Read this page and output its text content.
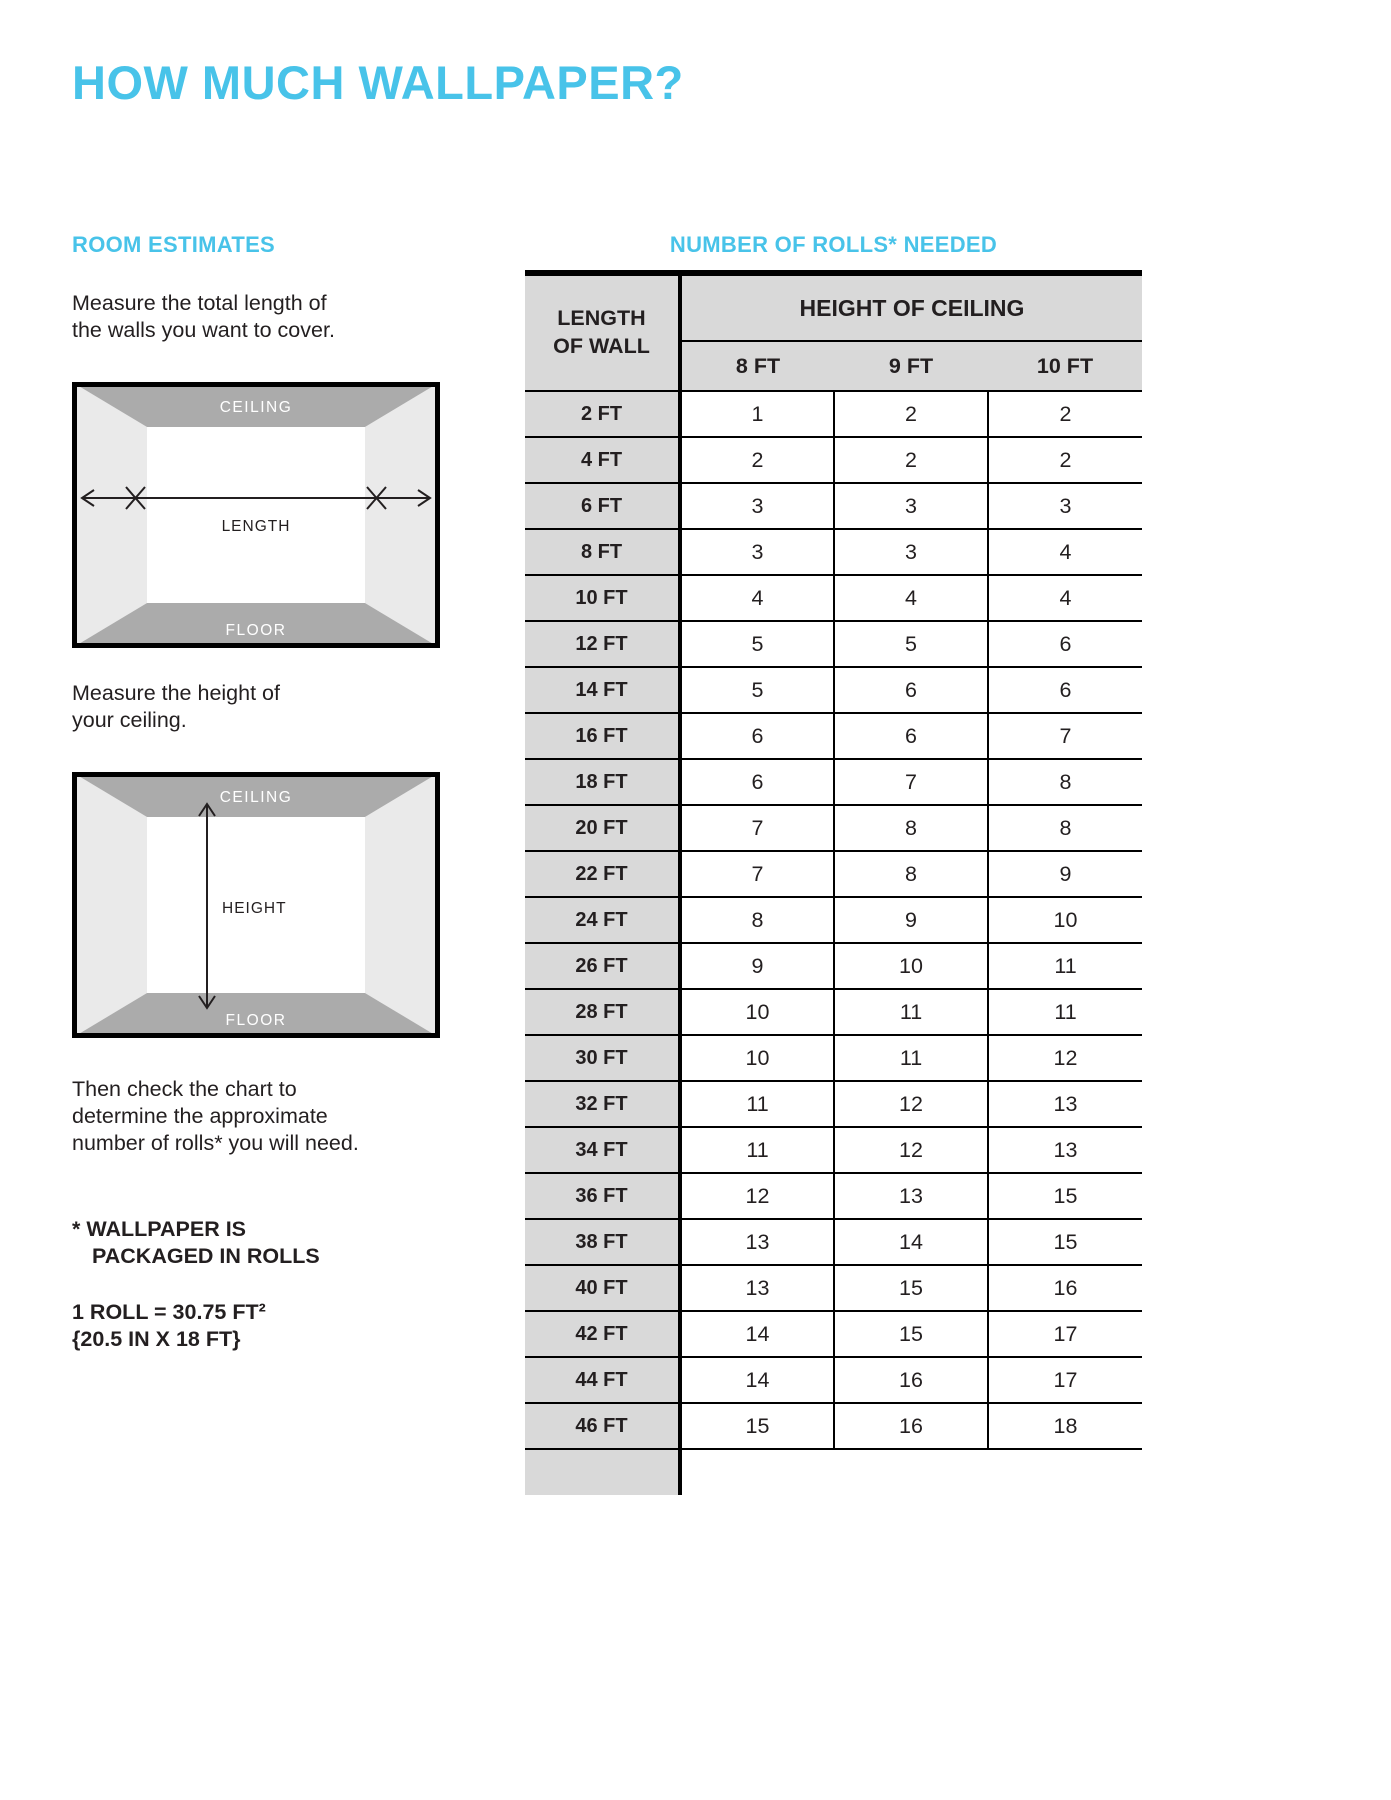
HOW MUCH WALLPAPER?
ROOM ESTIMATES

Measure the total length of
the walls you want to cover.

CEILING
FLOOR
LENGTH

Measure the height of
your ceiling.

CEILING
FLOOR
HEIGHT

Then check the chart to
determine the approximate
number of rolls* you will need.

* WALLPAPER IS
PACKAGED IN ROLLS

1 ROLL = 30.75 FT²
{20.5 IN X 18 FT}

NUMBER OF ROLLS* NEEDED
LENGTH
OF WALL	HEIGHT OF CEILING		
	8 FT	9 FT	10 FT
2 FT	1	2	2
4 FT	2	2	2
6 FT	3	3	3
8 FT	3	3	4
10 FT	4	4	4
12 FT	5	5	6
14 FT	5	6	6
16 FT	6	6	7
18 FT	6	7	8
20 FT	7	8	8
22 FT	7	8	9
24 FT	8	9	10
26 FT	9	10	11
28 FT	10	11	11
30 FT	10	11	12
32 FT	11	12	13
34 FT	11	12	13
36 FT	12	13	15
38 FT	13	14	15
40 FT	13	15	16
42 FT	14	15	17
44 FT	14	16	17
46 FT	15	16	18
